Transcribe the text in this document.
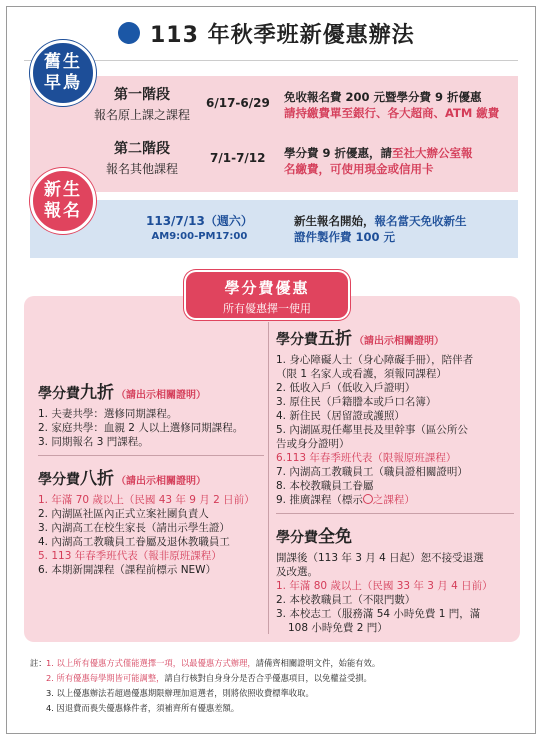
113 年秋季班新優惠辦法
舊生
早鳥
新生
報名
第一階段
報名原上課之課程
6/17-6/29 免收報名費 200 元暨學分費 9 折優惠
請持繳費單至銀行、各大超商、ATM 繳費
第二階段
報名其他課程
7/1-7/12 學分費 9 折優惠，請至社大辦公室報
名繳費，可使用現金或信用卡
113/7/13（週六）
AM9:00-PM17:00
新生報名開始，報名當天免收新生
證件製作費 100 元
學分費優惠
所有優惠擇一使用
學分費九折 （請出示相關證明）
1. 夫妻共學：選修同期課程。
2. 家庭共學：血親 2 人以上選修同期課程。
3. 同期報名 3 門課程。
學分費八折 （請出示相關證明）
1. 年滿 70 歲以上（民國 43 年 9 月 2 日前）
2. 內湖區社區內正式立案社團負責人
3. 內湖高工在校生家長（請出示學生證）
4. 內湖高工教職員工眷屬及退休教職員工
5. 113 年春季班代表（報非原班課程）
6. 本期新開課程（課程前標示 NEW）
學分費五折 （請出示相關證明）
1. 身心障礙人士（身心障礙手冊），陪伴者
（限 1 名家人或看護，須報同課程）
2. 低收入戶（低收入戶證明）
3. 原住民（戶籍謄本或戶口名簿）
4. 新住民（居留證或護照）
5. 內湖區現任鄰里長及里幹事（區公所公
告或身分證明）
6.113 年春季班代表（限報原班課程）
7. 內湖高工教職員工（職員證相關證明）
8. 本校教職員工眷屬
9. 推廣課程（標示 之課程）
學分費全免
開課後（113 年 3 月 4 日起）恕不接受退選
及改選。
1. 年滿 80 歲以上（民國 33 年 3 月 4 日前）
2. 本校教職員工（不限門數）
3. 本校志工（服務滿 54 小時免費 1 門，滿
108 小時免費 2 門）
註： 1. 以上所有優惠方式僅能選擇一項，以最優惠方式辦理，請備齊相關證明文件，始能有效。
2. 所有優惠每學期皆可能調整，請自行核對自身身分是否合乎優惠項目，以免權益受損。
3. 以上優惠辦法若超過優惠期限辦理加退選者，則將依照收費標準收取。
4. 因退費而喪失優惠條件者，須補齊所有優惠差額。
